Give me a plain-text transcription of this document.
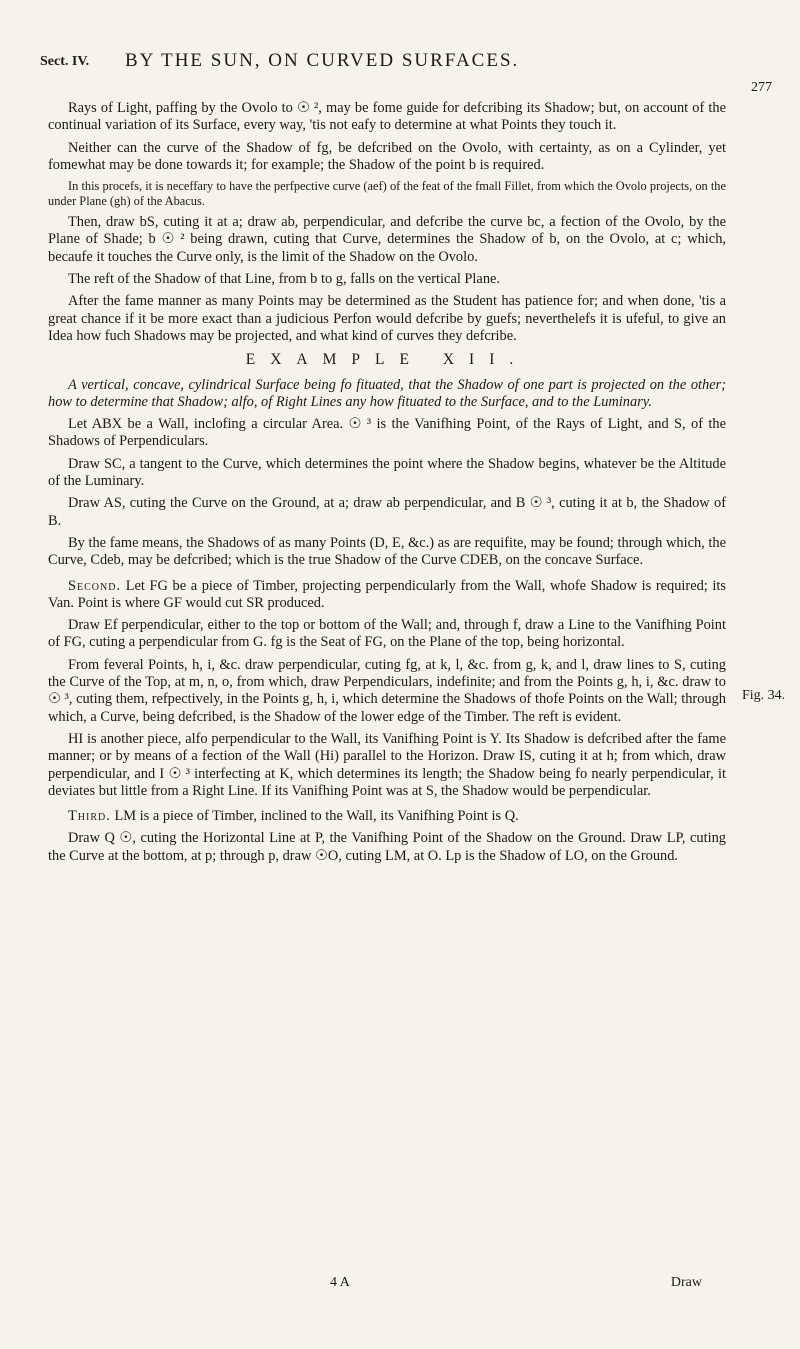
Sect. IV. BY THE SUN, ON CURVED SURFACES.
277

Rays of Light, paffing by the Ovolo to ☉ ², may be fome guide for defcribing its Shadow; but, on account of the continual variation of its Surface, every way, 'tis not eafy to determine at what Points they touch it.

Neither can the curve of the Shadow of fg, be defcribed on the Ovolo, with certainty, as on a Cylinder, yet fomewhat may be done towards it; for example; the Shadow of the point b is required.

In this procefs, it is neceffary to have the perfpective curve (aef) of the feat of the fmall Fillet, from which the Ovolo projects, on the under Plane (gh) of the Abacus.

Then, draw bS, cuting it at a; draw ab, perpendicular, and defcribe the curve bc, a fection of the Ovolo, by the Plane of Shade; b ☉ ² being drawn, cuting that Curve, determines the Shadow of b, on the Ovolo, at c; which, becaufe it touches the Curve only, is the limit of the Shadow on the Ovolo.

The reft of the Shadow of that Line, from b to g, falls on the vertical Plane.

After the fame manner as many Points may be determined as the Student has patience for; and when done, 'tis a great chance if it be more exact than a judicious Perfon would defcribe by guefs; neverthelefs it is ufeful, to give an Idea how fuch Shadows may be projected, and what kind of curves they defcribe.

EXAMPLE XII.

A vertical, concave, cylindrical Surface being fo fituated, that the Shadow of one part is projected on the other; how to determine that Shadow; alfo, of Right Lines any how fituated to the Surface, and to the Luminary.

Let ABX be a Wall, inclofing a circular Area. ☉ ³ is the Vanifhing Point, of the Rays of Light, and S, of the Shadows of Perpendiculars.

Draw SC, a tangent to the Curve, which determines the point where the Shadow begins, whatever be the Altitude of the Luminary.

Draw AS, cuting the Curve on the Ground, at a; draw ab perpendicular, and B ☉ ³, cuting it at b, the Shadow of B.

By the fame means, the Shadows of as many Points (D, E, &c.) as are requifite, may be found; through which, the Curve, Cdeb, may be defcribed; which is the true Shadow of the Curve CDEB, on the concave Surface.

Second. Let FG be a piece of Timber, projecting perpendicularly from the Wall, whofe Shadow is required; its Van. Point is where GF would cut SR produced.

Draw Ef perpendicular, either to the top or bottom of the Wall; and, through f, draw a Line to the Vanifhing Point of FG, cuting a perpendicular from G. fg is the Seat of FG, on the Plane of the top, being horizontal.

From feveral Points, h, i, &c. draw perpendicular, cuting fg, at k, l, &c. from g, k, and l, draw lines to S, cuting the Curve of the Top, at m, n, o, from which, draw Perpendiculars, indefinite; and from the Points g, h, i, &c. draw to ☉ ³, cuting them, refpectively, in the Points g, h, i, which determine the Shadows of thofe Points on the Wall; through which, a Curve, being defcribed, is the Shadow of the lower edge of the Timber. The reft is evident.

HI is another piece, alfo perpendicular to the Wall, its Vanifhing Point is Y. Its Shadow is defcribed after the fame manner; or by means of a fection of the Wall (Hi) parallel to the Horizon. Draw IS, cuting it at h; from which, draw perpendicular, and I ☉ ³ interfecting at K, which determines its length; the Shadow being fo nearly perpendicular, it deviates but little from a Right Line. If its Vanifhing Point was at S, the Shadow would be perpendicular.

Third. LM is a piece of Timber, inclined to the Wall, its Vanifhing Point is Q.

Draw Q ☉, cuting the Horizontal Line at P, the Vanifhing Point of the Shadow on the Ground. Draw LP, cuting the Curve at the bottom, at p; through p, draw ☉O, cuting LM, at O. Lp is the Shadow of LO, on the Ground.

Fig. 34.
4 A	Draw
